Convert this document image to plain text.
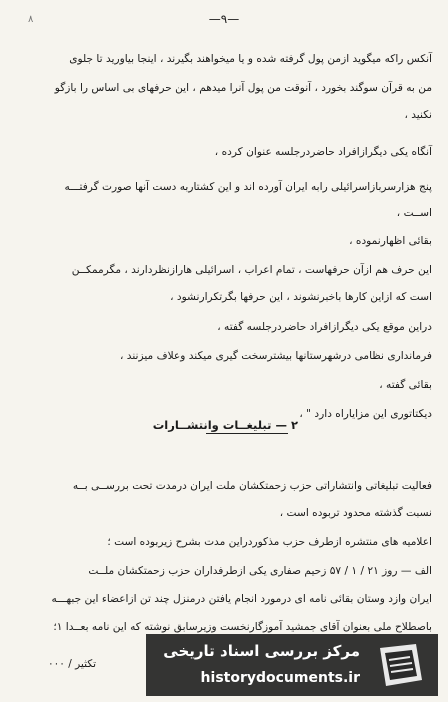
۸	—۹—
آنکس راکه میگوید ازمن پول گرفته شده و یا میخواهند بگیرند ، اینجا بیاورید تا جلوی
من به قرآن سوگند بخورد ، آنوقت من پول آنرا میدهم ، این حرفهای بی اساس را بازگو
نکنید ،
آنگاه یکی دیگرازافراد حاضردرجلسه عنوان کرده ،
پنج هزارسربازاسرائیلی رابه ایران آورده اند و این کشتاربه دست آنها صورت گرفتـــه
اســت ،
بقائی اظهارنموده ،
این حرف هم ازآن حرفهاست ، تمام اعراب ، اسرائیلی هارازنظردارند ، مگرممکــن
است که ازاین کارها باخبرنشوند ، این حرفها بگرتکرارنشود ،
دراین موقع یکی دیگرازافراد حاضردرجلسه گفته ،
فرمانداری نظامی درشهرستانها بیشترسخت گیری میکند وعلاف میزنند ،
بقائی گفته ،
دیکتاتوری این مزایاراه دارد " ،
فعالیت تبلیغاتی وانتشاراتی حزب زحمتکشان ملت ایران درمدت تحت بررســی بــه
نسبت گذشته محدود تربوده است ،
اعلامیه های منتشره ازطرف حزب مذکوردراین مدت بشرح زیربوده است ؛
الف — روز ۲۱ / ۱ / ۵۷ زحیم صفاری یکی ازطرفداران حزب زحمتکشان ملــت
ایران وازد وستان بقائی نامه ای درمورد انجام یافتن درمنزل چند تن ازاعضاء این جبهـــه
باصطلاح ملی بعنوان آقای جمشید آموزگارنخست وزیرسابق نوشته که این نامه بعــدا ۱؛
۲ — تبلیغــات وانتشــارات
تکثیر / ۰۰۰
مرکز بررسی اسناد تاریخی
historydocuments.ir
